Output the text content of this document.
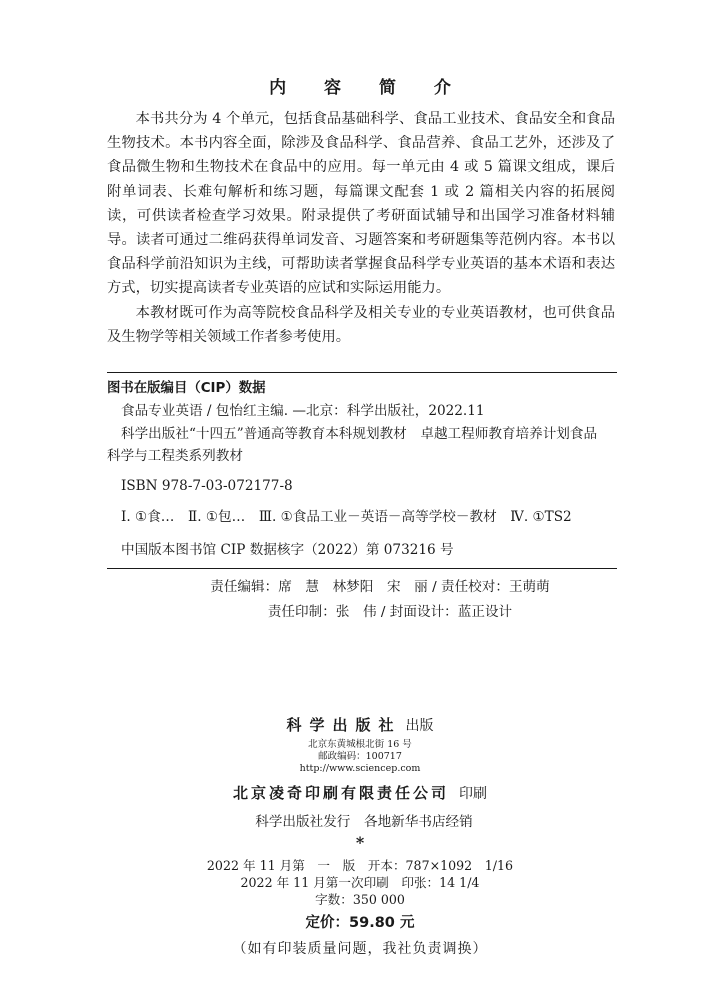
内 容 简 介

本书共分为 4 个单元，包括食品基础科学、食品工业技术、食品安全和食品生物技术。本书内容全面，除涉及食品科学、食品营养、食品工艺外，还涉及了食品微生物和生物技术在食品中的应用。每一单元由 4 或 5 篇课文组成，课后附单词表、长难句解析和练习题，每篇课文配套 1 或 2 篇相关内容的拓展阅读，可供读者检查学习效果。附录提供了考研面试辅导和出国学习准备材料辅导。读者可通过二维码获得单词发音、习题答案和考研题集等范例内容。本书以食品科学前沿知识为主线，可帮助读者掌握食品科学专业英语的基本术语和表达方式，切实提高读者专业英语的应试和实际运用能力。

本教材既可作为高等院校食品科学及相关专业的专业英语教材，也可供食品及生物学等相关领域工作者参考使用。

图书在版编目（CIP）数据
食品专业英语 / 包怡红主编. —北京：科学出版社，2022.11
科学出版社“十四五”普通高等教育本科规划教材　卓越工程师教育培养计划食品
科学与工程类系列教材
ISBN 978-7-03-072177-8
Ⅰ. ①食…　Ⅱ. ①包…　Ⅲ. ①食品工业－英语－高等学校－教材　Ⅳ. ①TS2
中国版本图书馆 CIP 数据核字（2022）第 073216 号
责任编辑：席　慧　林梦阳　宋　丽 / 责任校对：王萌萌
责任印制：张　伟 / 封面设计：蓝正设计
科学出版社 出版
北京东黄城根北街 16 号
邮政编码：100717
http://www.sciencep.com
北京凌奇印刷有限责任公司 印刷
科学出版社发行　各地新华书店经销
*
2022 年 11 月第　一　版　开本：787×1092　1/16
2022 年 11 月第一次印刷　印张：14 1/4
字数：350 000
定价：59.80 元
（如有印装质量问题，我社负责调换）
